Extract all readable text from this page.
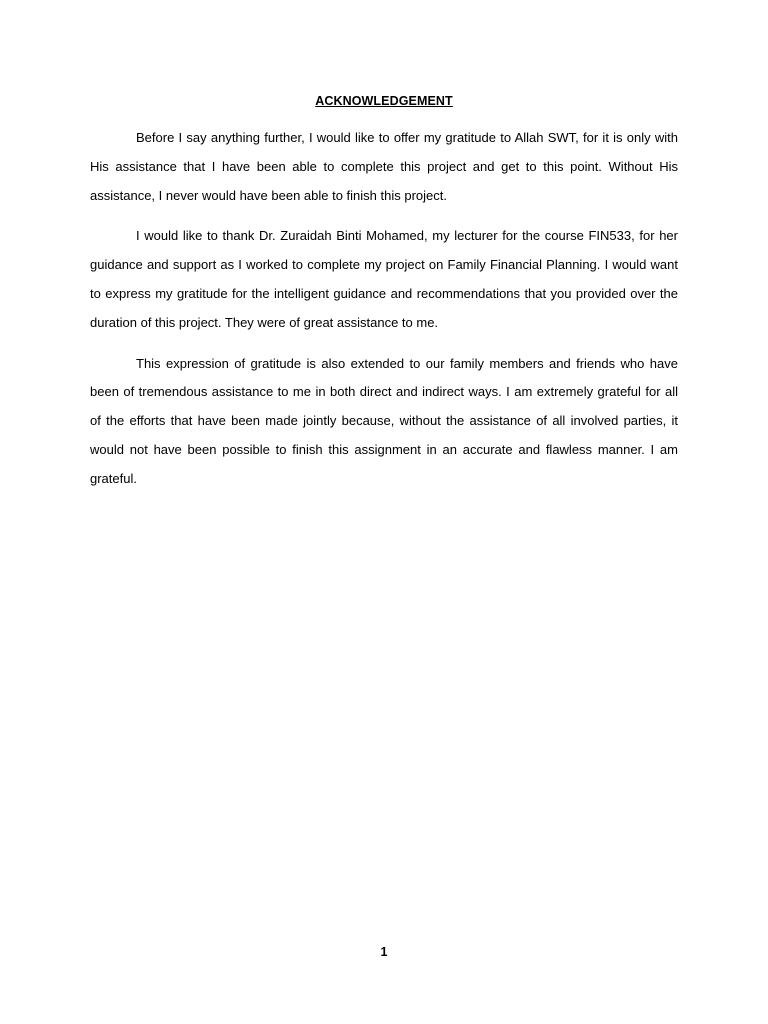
ACKNOWLEDGEMENT

Before I say anything further, I would like to offer my gratitude to Allah SWT, for it is only with His assistance that I have been able to complete this project and get to this point. Without His assistance, I never would have been able to finish this project.

I would like to thank Dr. Zuraidah Binti Mohamed, my lecturer for the course FIN533, for her guidance and support as I worked to complete my project on Family Financial Planning. I would want to express my gratitude for the intelligent guidance and recommendations that you provided over the duration of this project. They were of great assistance to me.

This expression of gratitude is also extended to our family members and friends who have been of tremendous assistance to me in both direct and indirect ways. I am extremely grateful for all of the efforts that have been made jointly because, without the assistance of all involved parties, it would not have been possible to finish this assignment in an accurate and flawless manner. I am grateful.

1
